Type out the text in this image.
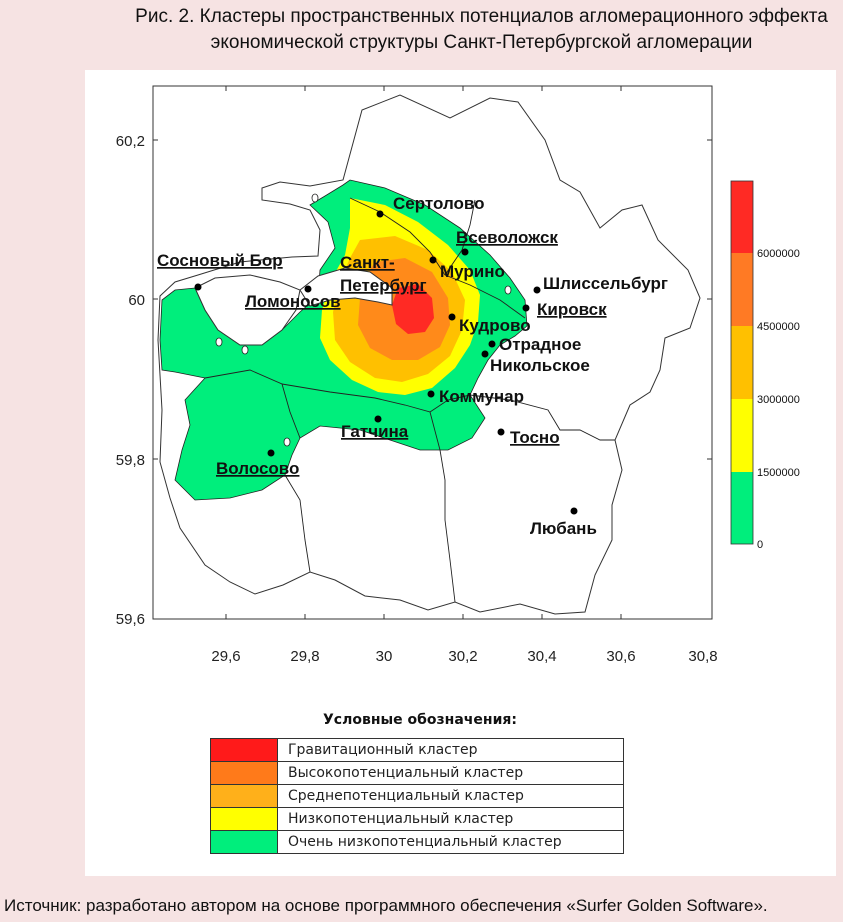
Рис. 2. Кластеры пространственных потенциалов агломерационного эффекта
экономической структуры Санкт-Петербургской агломерации
29,6	29,8	30	30,2	30,4	30,6	30,8
60,2
60
59,8
59,6
Сертолово
Всеволожск
Сосновый Бор	Санкт-
Петербург
Мурино
Шлиссельбург
Ломоносов	Кировск
Кудрово
Отрадное
Никольское
Коммунар
Гатчина	Тосно
Волосово
Любань
6000000
4500000
3000000
1500000
0
Условные обозначения:
	Гравитационный кластер
	Высокопотенциальный кластер
	Среднепотенциальный кластер
	Низкопотенциальный кластер
	Очень низкопотенциальный кластер
Источник: разработано автором на основе программного обеспечения «Surfer Golden Software».
